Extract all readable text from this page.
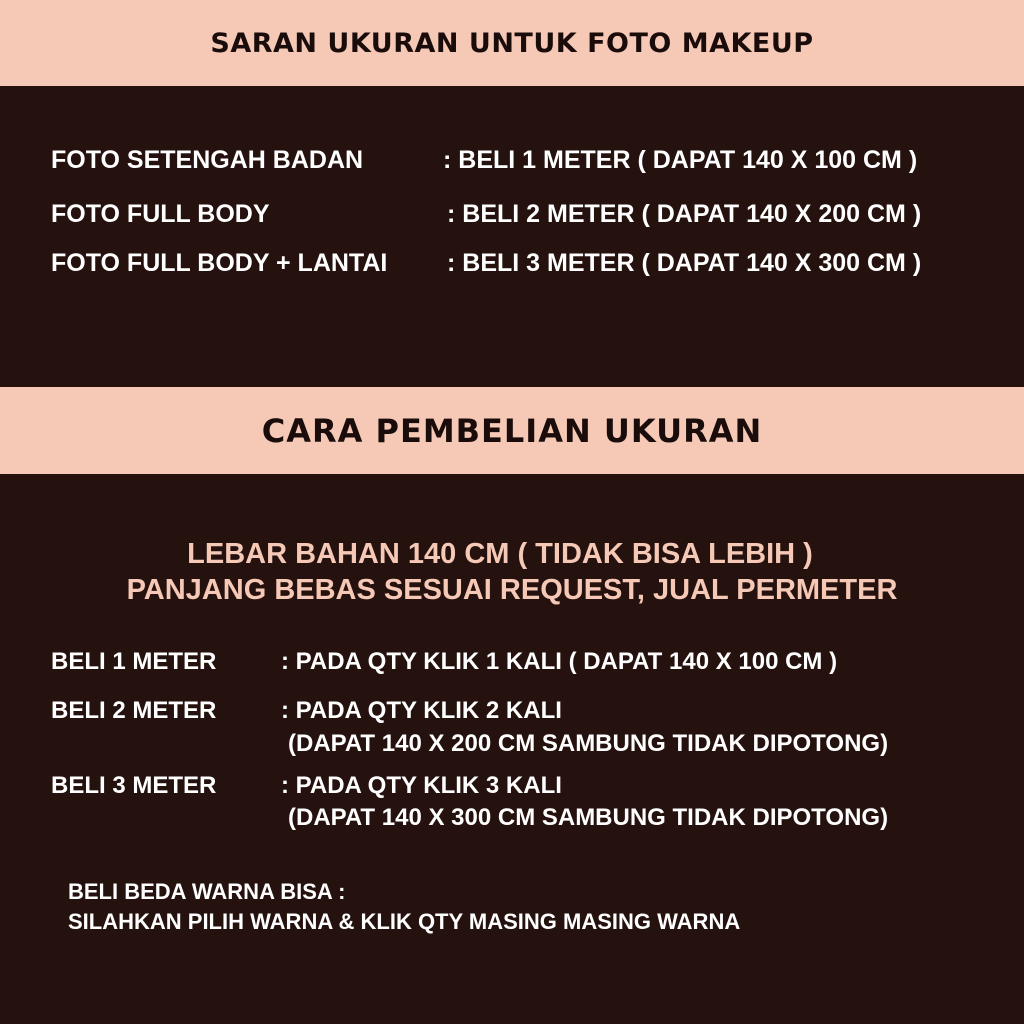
SARAN UKURAN UNTUK FOTO MAKEUP
FOTO SETENGAH BADAN	: BELI 1 METER ( DAPAT 140 X 100 CM )
FOTO FULL BODY	: BELI 2 METER ( DAPAT 140 X 200 CM )
FOTO FULL BODY + LANTAI : BELI 3 METER ( DAPAT 140 X 300 CM )
CARA PEMBELIAN UKURAN
LEBAR BAHAN 140 CM ( TIDAK BISA LEBIH )
PANJANG BEBAS SESUAI REQUEST, JUAL PERMETER
BELI 1 METER	: PADA QTY KLIK 1 KALI ( DAPAT 140 X 100 CM )
BELI 2 METER	: PADA QTY KLIK 2 KALI
(DAPAT 140 X 200 CM SAMBUNG TIDAK DIPOTONG)
BELI 3 METER	: PADA QTY KLIK 3 KALI
(DAPAT 140 X 300 CM SAMBUNG TIDAK DIPOTONG)
BELI BEDA WARNA BISA :
SILAHKAN PILIH WARNA & KLIK QTY MASING MASING WARNA
